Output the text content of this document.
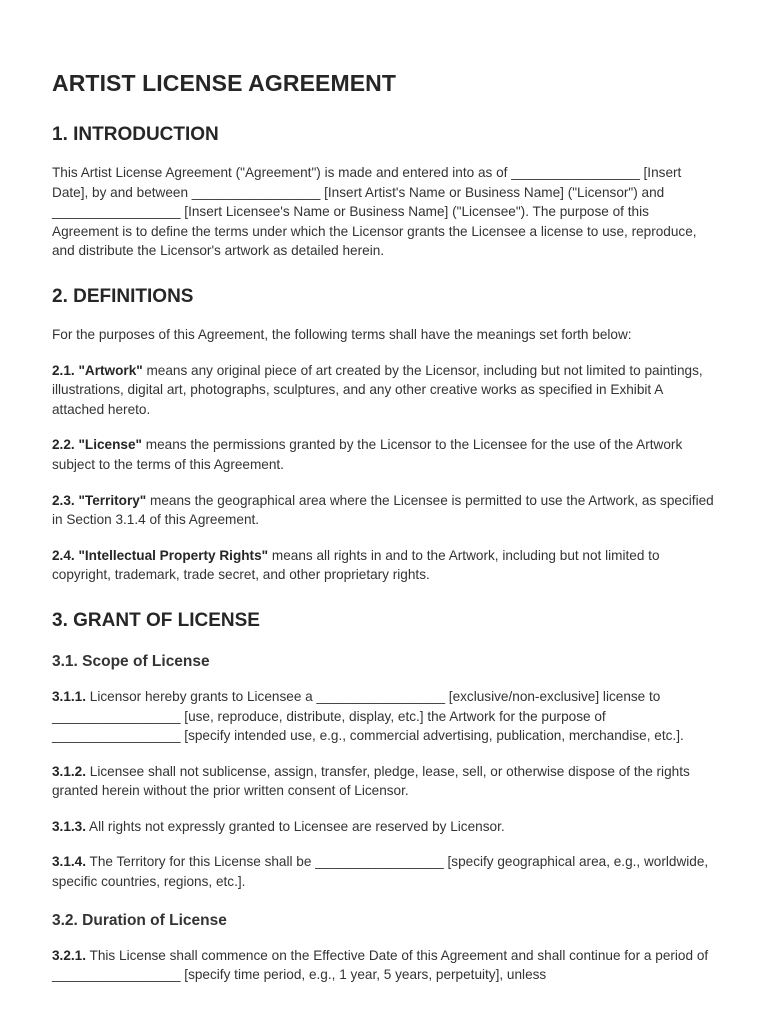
ARTIST LICENSE AGREEMENT
1. INTRODUCTION

This Artist License Agreement ("Agreement") is made and entered into as of _________________ [Insert Date], by and between _________________ [Insert Artist's Name or Business Name] ("Licensor") and _________________ [Insert Licensee's Name or Business Name] ("Licensee"). The purpose of this Agreement is to define the terms under which the Licensor grants the Licensee a license to use, reproduce, and distribute the Licensor's artwork as detailed herein.

2. DEFINITIONS

For the purposes of this Agreement, the following terms shall have the meanings set forth below:

2.1. "Artwork" means any original piece of art created by the Licensor, including but not limited to paintings, illustrations, digital art, photographs, sculptures, and any other creative works as specified in Exhibit A attached hereto.

2.2. "License" means the permissions granted by the Licensor to the Licensee for the use of the Artwork subject to the terms of this Agreement.

2.3. "Territory" means the geographical area where the Licensee is permitted to use the Artwork, as specified in Section 3.1.4 of this Agreement.

2.4. "Intellectual Property Rights" means all rights in and to the Artwork, including but not limited to copyright, trademark, trade secret, and other proprietary rights.

3. GRANT OF LICENSE
3.1. Scope of License

3.1.1. Licensor hereby grants to Licensee a _________________ [exclusive/non-exclusive] license to _________________ [use, reproduce, distribute, display, etc.] the Artwork for the purpose of _________________ [specify intended use, e.g., commercial advertising, publication, merchandise, etc.].

3.1.2. Licensee shall not sublicense, assign, transfer, pledge, lease, sell, or otherwise dispose of the rights granted herein without the prior written consent of Licensor.

3.1.3. All rights not expressly granted to Licensee are reserved by Licensor.

3.1.4. The Territory for this License shall be _________________ [specify geographical area, e.g., worldwide, specific countries, regions, etc.].

3.2. Duration of License

3.2.1. This License shall commence on the Effective Date of this Agreement and shall continue for a period of _________________ [specify time period, e.g., 1 year, 5 years, perpetuity], unless
